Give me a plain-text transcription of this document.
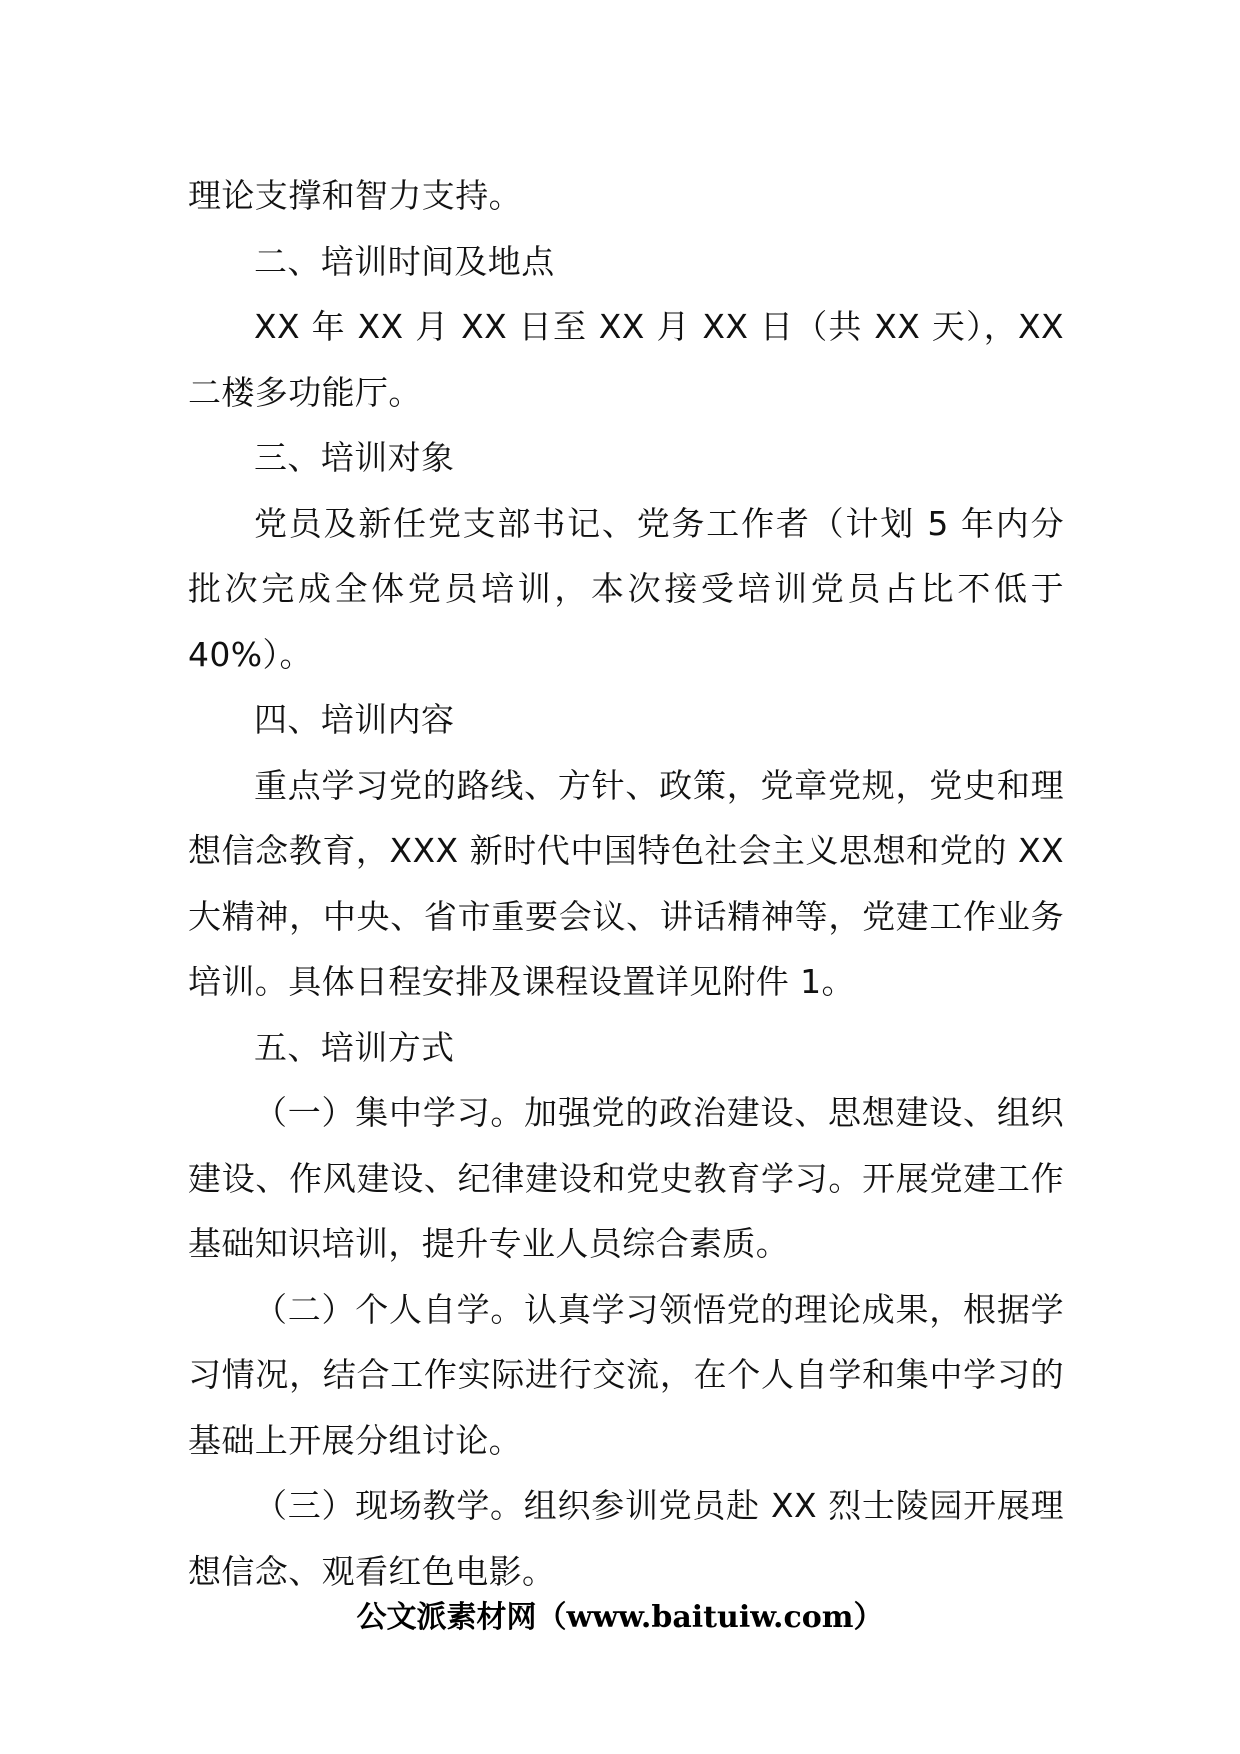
理论支撑和智力支持。

二、培训时间及地点

XX 年 XX 月 XX 日至 XX 月 XX 日（共 XX 天），XX 二楼多功能厅。

三、培训对象

党员及新任党支部书记、党务工作者（计划 5 年内分批次完成全体党员培训，本次接受培训党员占比不低于 40%）。

四、培训内容

重点学习党的路线、方针、政策，党章党规，党史和理想信念教育，XXX 新时代中国特色社会主义思想和党的 XX 大精神，中央、省市重要会议、讲话精神等，党建工作业务培训。具体日程安排及课程设置详见附件 1。

五、培训方式

（一）集中学习。加强党的政治建设、思想建设、组织建设、作风建设、纪律建设和党史教育学习。开展党建工作基础知识培训，提升专业人员综合素质。

（二）个人自学。认真学习领悟党的理论成果，根据学习情况，结合工作实际进行交流，在个人自学和集中学习的基础上开展分组讨论。

（三）现场教学。组织参训党员赴 XX 烈士陵园开展理想信念、观看红色电影。

公文派素材网（www.baituiw.com）
